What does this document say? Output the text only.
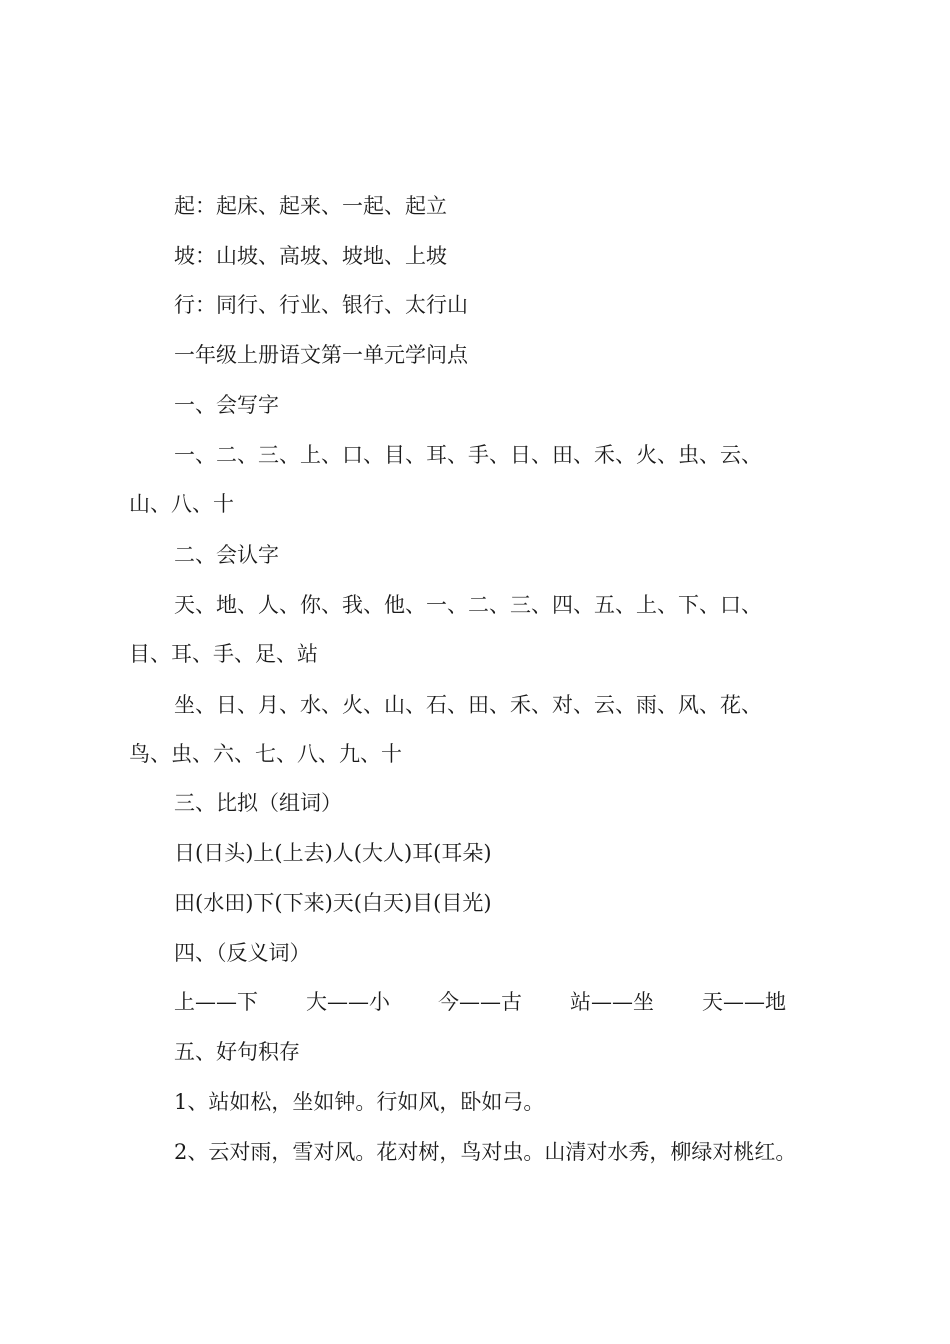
起：起床、起来、一起、起立
坡：山坡、高坡、坡地、上坡
行：同行、行业、银行、太行山
一年级上册语文第一单元学问点
一、会写字
一、二、三、上、口、目、耳、手、日、田、禾、火、虫、云、
山、八、十
二、会认字
天、地、人、你、我、他、一、二、三、四、五、上、下、口、
目、耳、手、足、站
坐、日、月、水、火、山、石、田、禾、对、云、雨、风、花、
鸟、虫、六、七、八、九、十
三、比拟（组词）
日(日头)上(上去)人(大人)耳(耳朵)
田(水田)下(下来)天(白天)目(目光)
四、（反义词）
上——下 大——小 今——古 站——坐 天——地
五、好句积存
1、站如松，坐如钟。行如风，卧如弓。
2、云对雨，雪对风。花对树，鸟对虫。山清对水秀，柳绿对桃红。
